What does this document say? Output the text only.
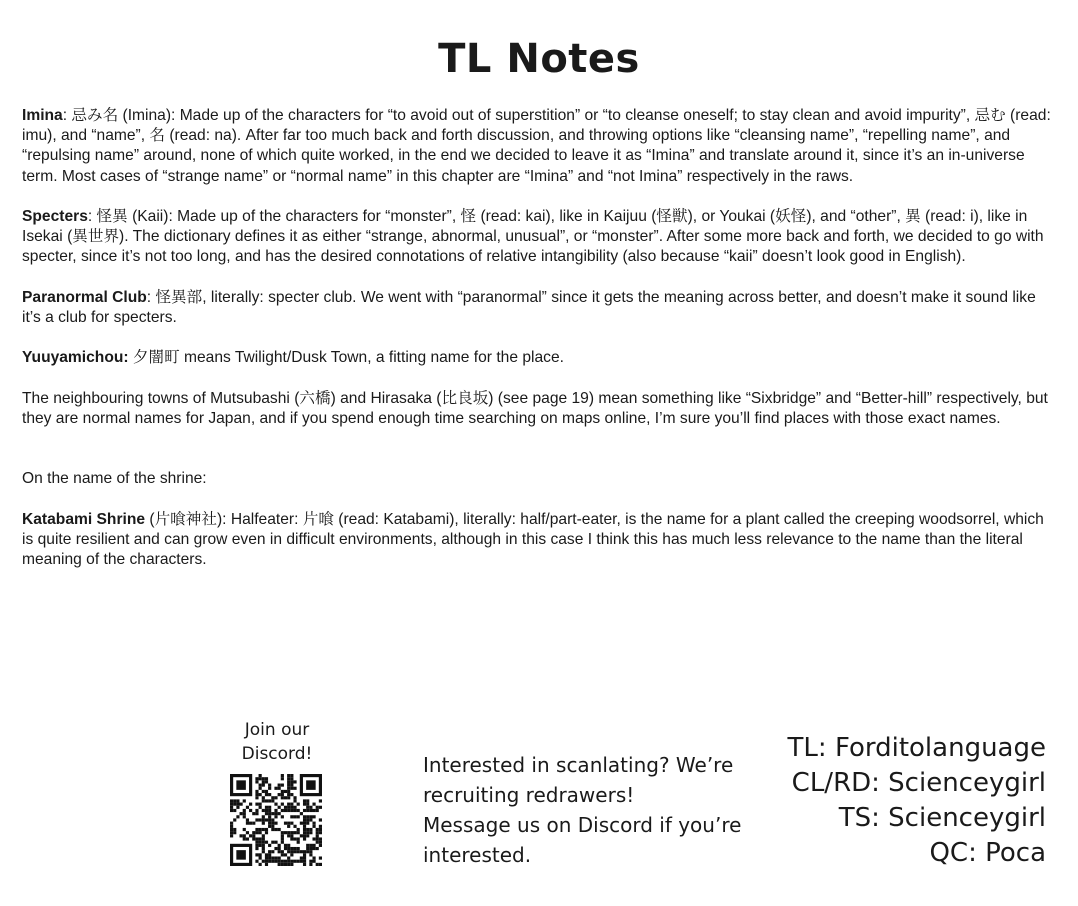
TL Notes

Imina: 忌み名 (Imina): Made up of the characters for “to avoid out of superstition” or “to cleanse oneself; to stay clean and avoid impurity”, 忌む (read: imu), and “name”, 名 (read: na). After far too much back and forth discussion, and throwing options like “cleansing name”, “repelling name”, and “repulsing name” around, none of which quite worked, in the end we decided to leave it as “Imina” and translate around it, since it’s an in-universe term. Most cases of “strange name” or “normal name” in this chapter are “Imina” and “not Imina” respectively in the raws.

Specters: 怪異 (Kaii): Made up of the characters for “monster”, 怪 (read: kai), like in Kaijuu (怪獣), or Youkai (妖怪), and “other”, 異 (read: i), like in Isekai (異世界). The dictionary defines it as either “strange, abnormal, unusual”, or “monster”. After some more back and forth, we decided to go with specter, since it’s not too long, and has the desired connotations of relative intangibility (also because “kaii” doesn’t look good in English).

Paranormal Club: 怪異部, literally: specter club. We went with “paranormal” since it gets the meaning across better, and doesn’t make it sound like it’s a club for specters.

Yuuyamichou: 夕闇町 means Twilight/Dusk Town, a fitting name for the place.

The neighbouring towns of Mutsubashi (六橋) and Hirasaka (比良坂) (see page 19) mean something like “Sixbridge” and “Better-hill” respectively, but they are normal names for Japan, and if you spend enough time searching on maps online, I’m sure you’ll find places with those exact names.

On the name of the shrine:

Katabami Shrine (片喰神社): Halfeater: 片喰 (read: Katabami), literally: half/part-eater, is the name for a plant called the creeping woodsorrel, which is quite resilient and can grow even in difficult environments, although in this case I think this has much less relevance to the name than the literal meaning of the characters.

Join our
Discord!	Interested in scanlating? We’re
recruiting redrawers!
Message us on Discord if you’re
interested.
TL: Forditolanguage
CL/RD: Scienceygirl
TS: Scienceygirl
QC: Poca
